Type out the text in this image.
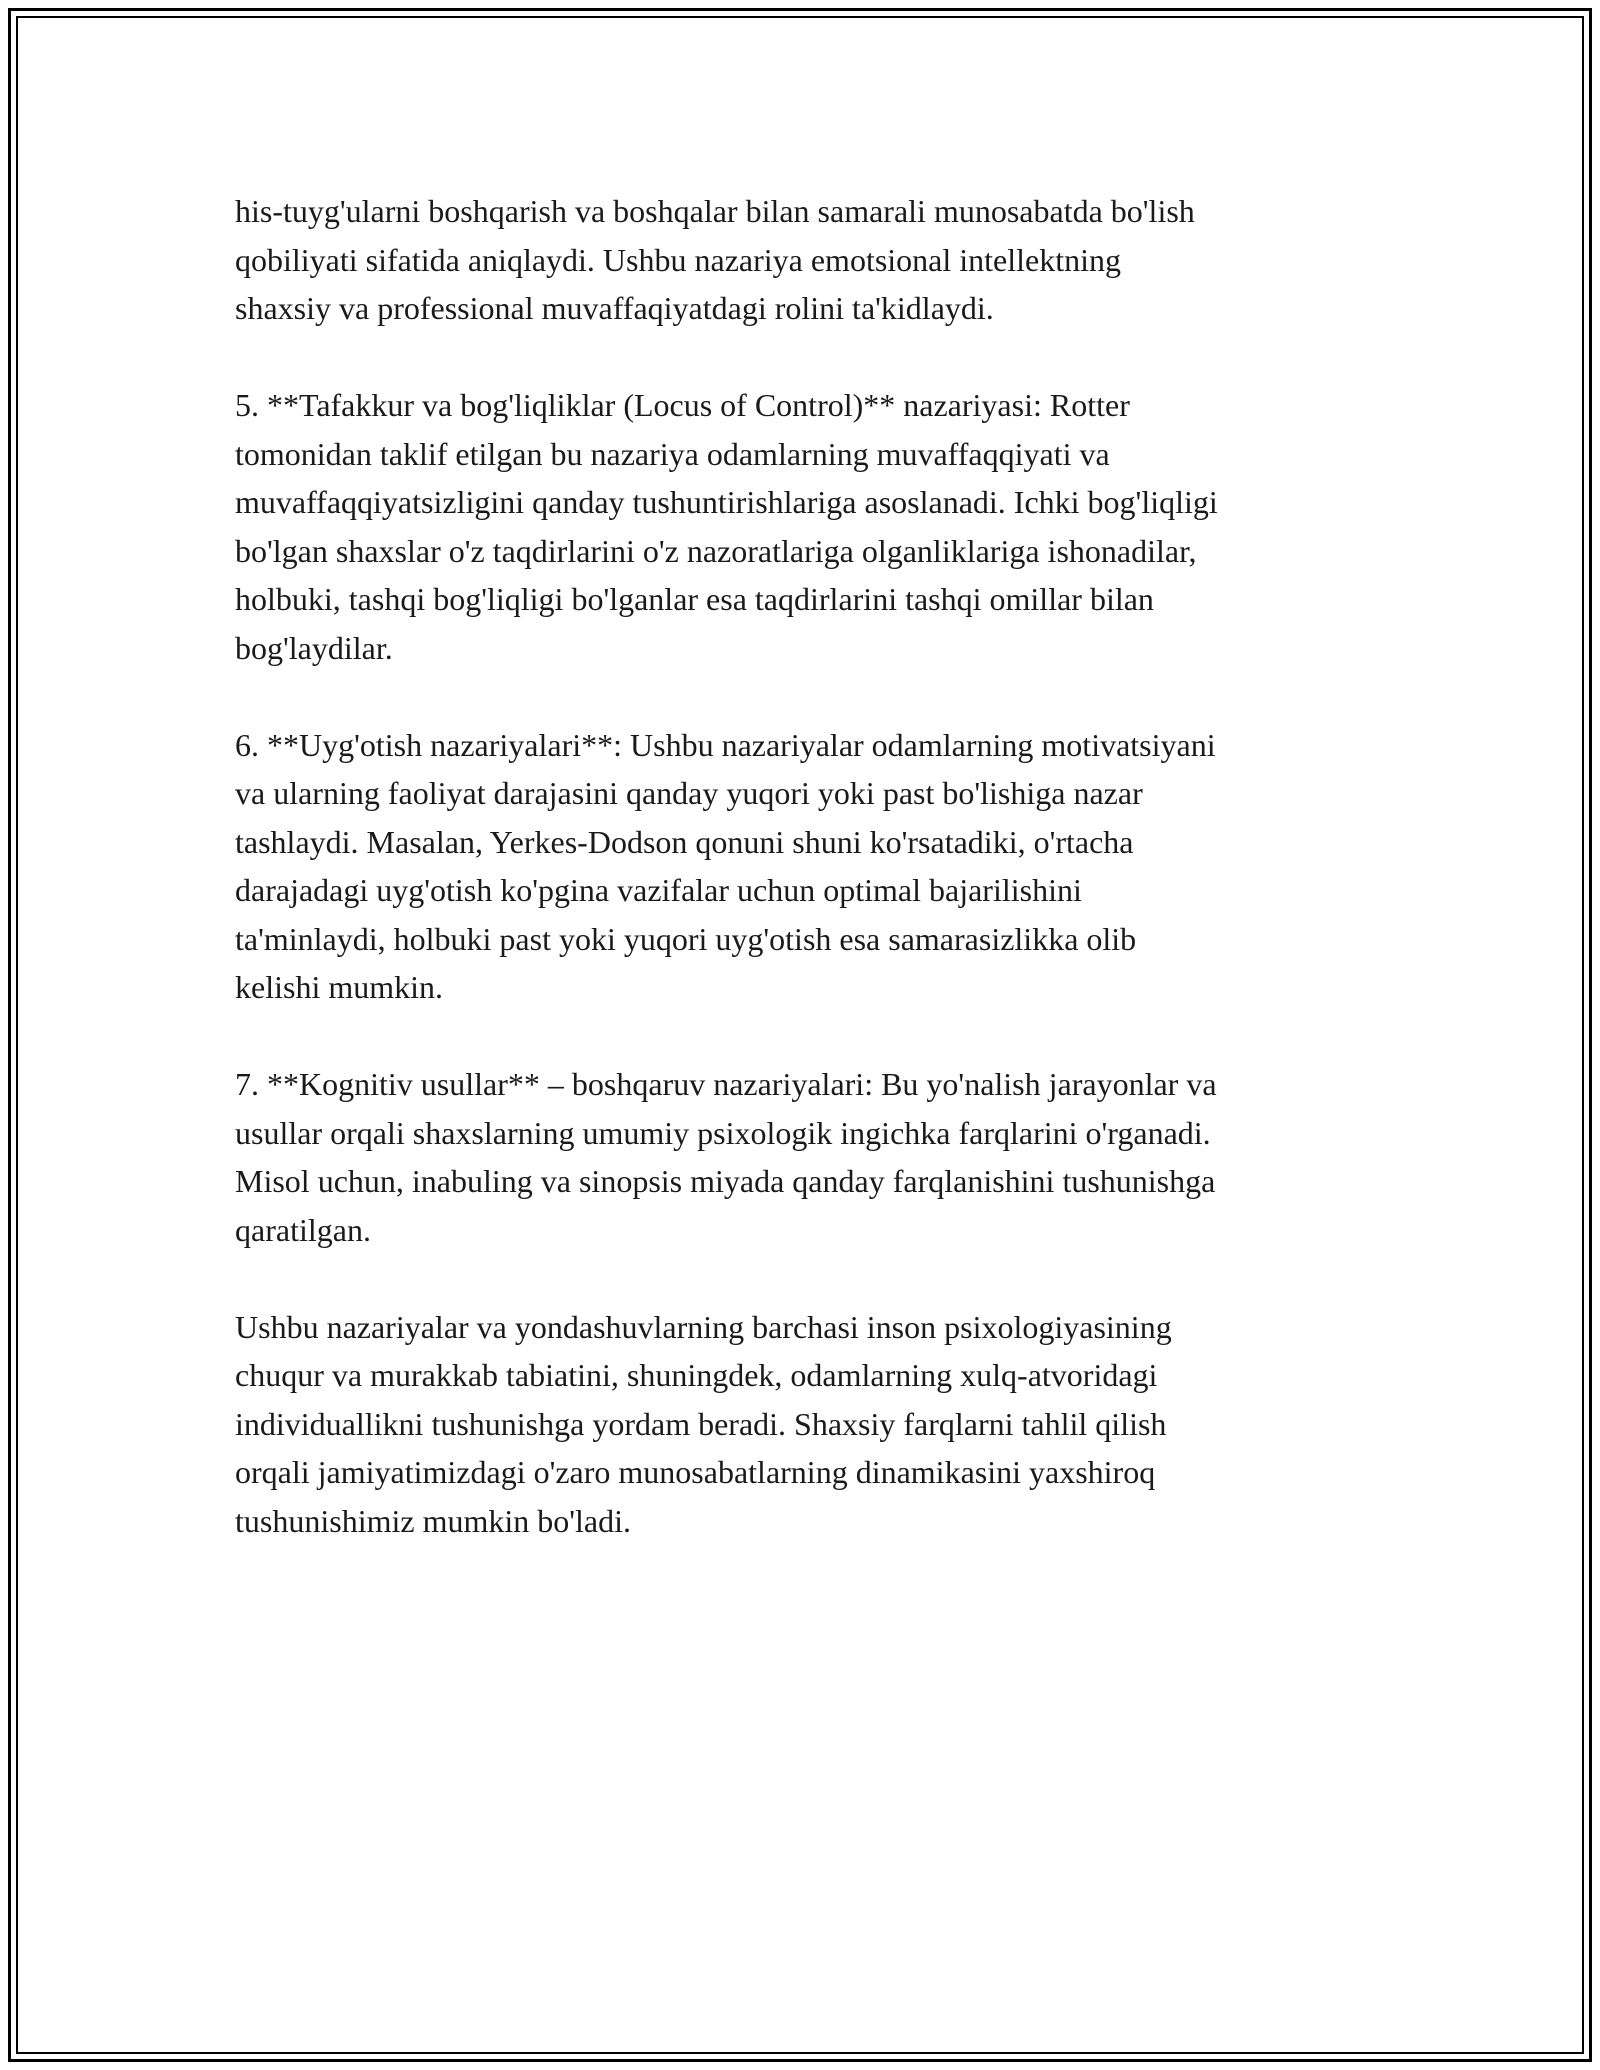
his-tuyg'ularni boshqarish va boshqalar bilan samarali munosabatda bo'lish
qobiliyati sifatida aniqlaydi. Ushbu nazariya emotsional intellektning
shaxsiy va professional muvaffaqiyatdagi rolini ta'kidlaydi.

5. **Tafakkur va bog'liqliklar (Locus of Control)** nazariyasi: Rotter
tomonidan taklif etilgan bu nazariya odamlarning muvaffaqqiyati va
muvaffaqqiyatsizligini qanday tushuntirishlariga asoslanadi. Ichki bog'liqligi
bo'lgan shaxslar o'z taqdirlarini o'z nazoratlariga olganliklariga ishonadilar,
holbuki, tashqi bog'liqligi bo'lganlar esa taqdirlarini tashqi omillar bilan
bog'laydilar.

6. **Uyg'otish nazariyalari**: Ushbu nazariyalar odamlarning motivatsiyani
va ularning faoliyat darajasini qanday yuqori yoki past bo'lishiga nazar
tashlaydi. Masalan, Yerkes-Dodson qonuni shuni ko'rsatadiki, o'rtacha
darajadagi uyg'otish ko'pgina vazifalar uchun optimal bajarilishini
ta'minlaydi, holbuki past yoki yuqori uyg'otish esa samarasizlikka olib
kelishi mumkin.

7. **Kognitiv usullar** – boshqaruv nazariyalari: Bu yo'nalish jarayonlar va
usullar orqali shaxslarning umumiy psixologik ingichka farqlarini o'rganadi.
Misol uchun, inabuling va sinopsis miyada qanday farqlanishini tushunishga
qaratilgan.

Ushbu nazariyalar va yondashuvlarning barchasi inson psixologiyasining
chuqur va murakkab tabiatini, shuningdek, odamlarning xulq-atvoridagi
individuallikni tushunishga yordam beradi. Shaxsiy farqlarni tahlil qilish
orqali jamiyatimizdagi o'zaro munosabatlarning dinamikasini yaxshiroq
tushunishimiz mumkin bo'ladi.
